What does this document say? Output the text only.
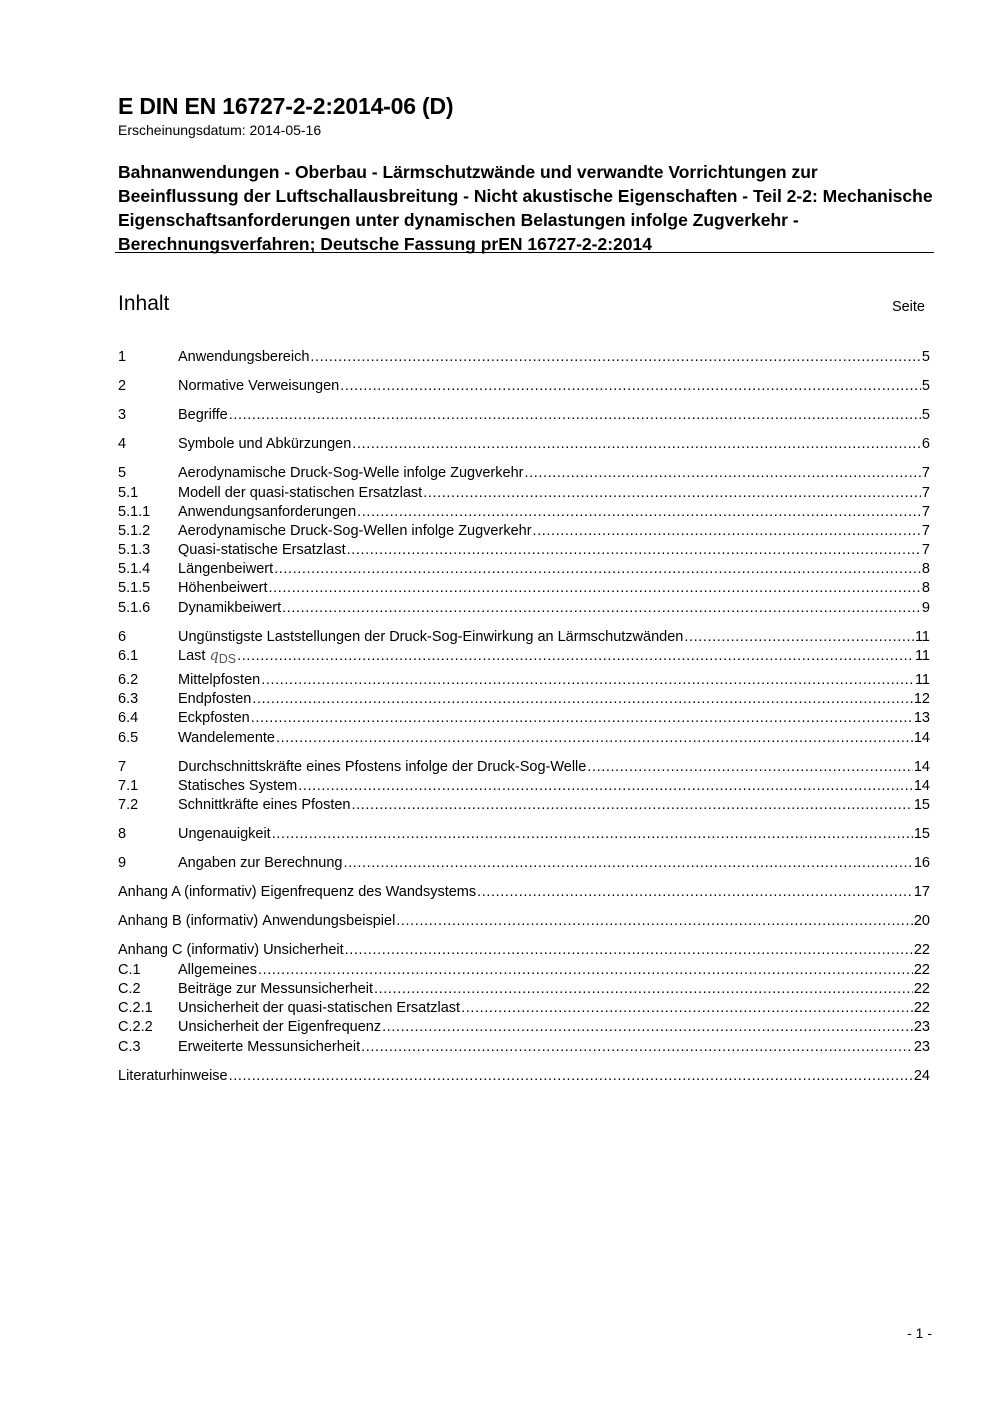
E DIN EN 16727-2-2:2014-06 (D)
Erscheinungsdatum: 2014-05-16
Bahnanwendungen - Oberbau - Lärmschutzwände und verwandte Vorrichtungen zur Beeinflussung der Luftschallausbreitung - Nicht akustische Eigenschaften - Teil 2-2: Mechanische Eigenschaftsanforderungen unter dynamischen Belastungen infolge Zugverkehr - Berechnungsverfahren; Deutsche Fassung prEN 16727-2-2:2014
Inhalt	Seite
1	Anwendungsbereich .....	5
2	Normative Verweisungen .....	5
3	Begriffe .....	5
4	Symbole und Abkürzungen .....	6
5	Aerodynamische Druck-Sog-Welle infolge Zugverkehr .....	7
5.1	Modell der quasi-statischen Ersatzlast .....	7
5.1.1	Anwendungsanforderungen .....	7
5.1.2	Aerodynamische Druck-Sog-Wellen infolge Zugverkehr .....	7
5.1.3	Quasi-statische Ersatzlast .....	7
5.1.4	Längenbeiwert .....	8
5.1.5	Höhenbeiwert .....	8
5.1.6	Dynamikbeiwert .....	9
6	Ungünstigste Laststellungen der Druck-Sog-Einwirkung an Lärmschutzwänden .....	11
6.1	Last qDS .....	11
6.2	Mittelpfosten .....	11
6.3	Endpfosten .....	12
6.4	Eckpfosten .....	13
6.5	Wandelemente .....	14
7	Durchschnittskräfte eines Pfostens infolge der Druck-Sog-Welle .....	14
7.1	Statisches System .....	14
7.2	Schnittkräfte eines Pfosten .....	15
8	Ungenauigkeit .....	15
9	Angaben zur Berechnung .....	16
Anhang A (informativ) Eigenfrequenz des Wandsystems .....	17
Anhang B (informativ) Anwendungsbeispiel .....	20
Anhang C (informativ) Unsicherheit .....	22
C.1	Allgemeines .....	22
C.2	Beiträge zur Messunsicherheit .....	22
C.2.1	Unsicherheit der quasi-statischen Ersatzlast .....	22
C.2.2	Unsicherheit der Eigenfrequenz .....	23
C.3	Erweiterte Messunsicherheit .....	23
Literaturhinweise .....	24
- 1 -
